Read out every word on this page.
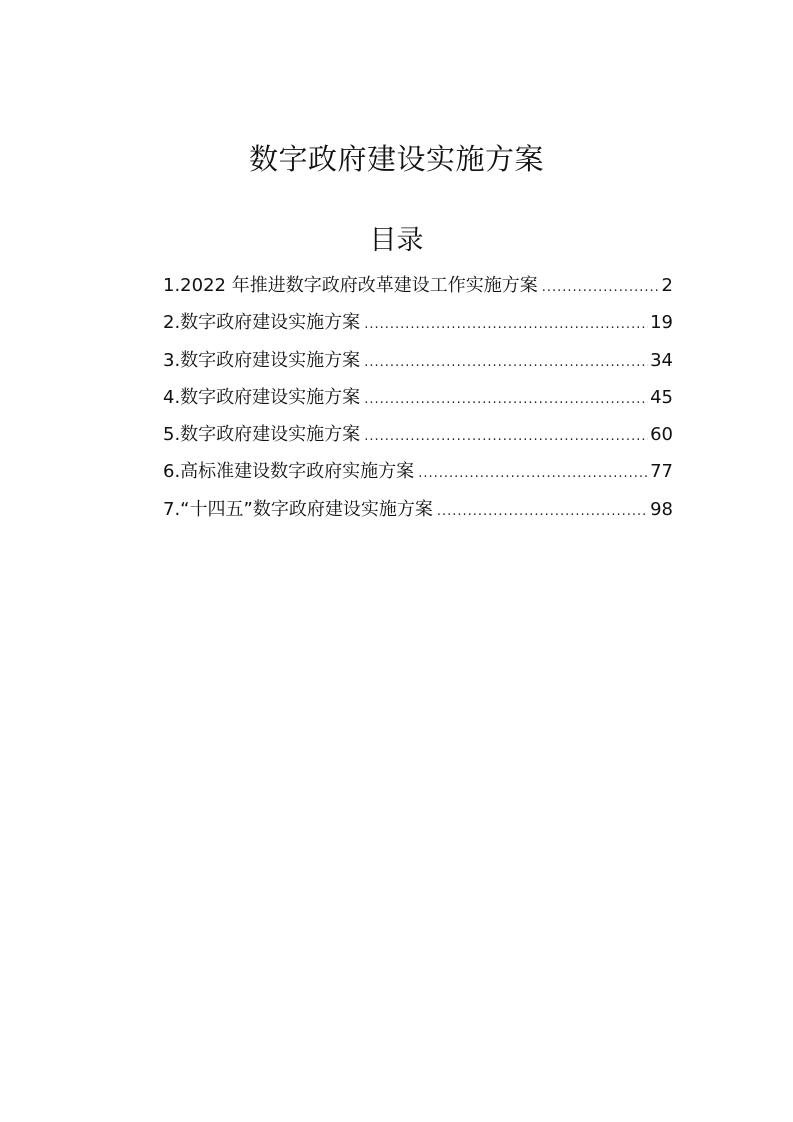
数字政府建设实施方案
目录
1.2022 年推进数字政府改革建设工作实施方案 .....	2
2.数字政府建设实施方案 .....	19
3.数字政府建设实施方案 .....	34
4.数字政府建设实施方案 .....	45
5.数字政府建设实施方案 .....	60
6.高标准建设数字政府实施方案 .....	77
7.“十四五”数字政府建设实施方案 .....	98
